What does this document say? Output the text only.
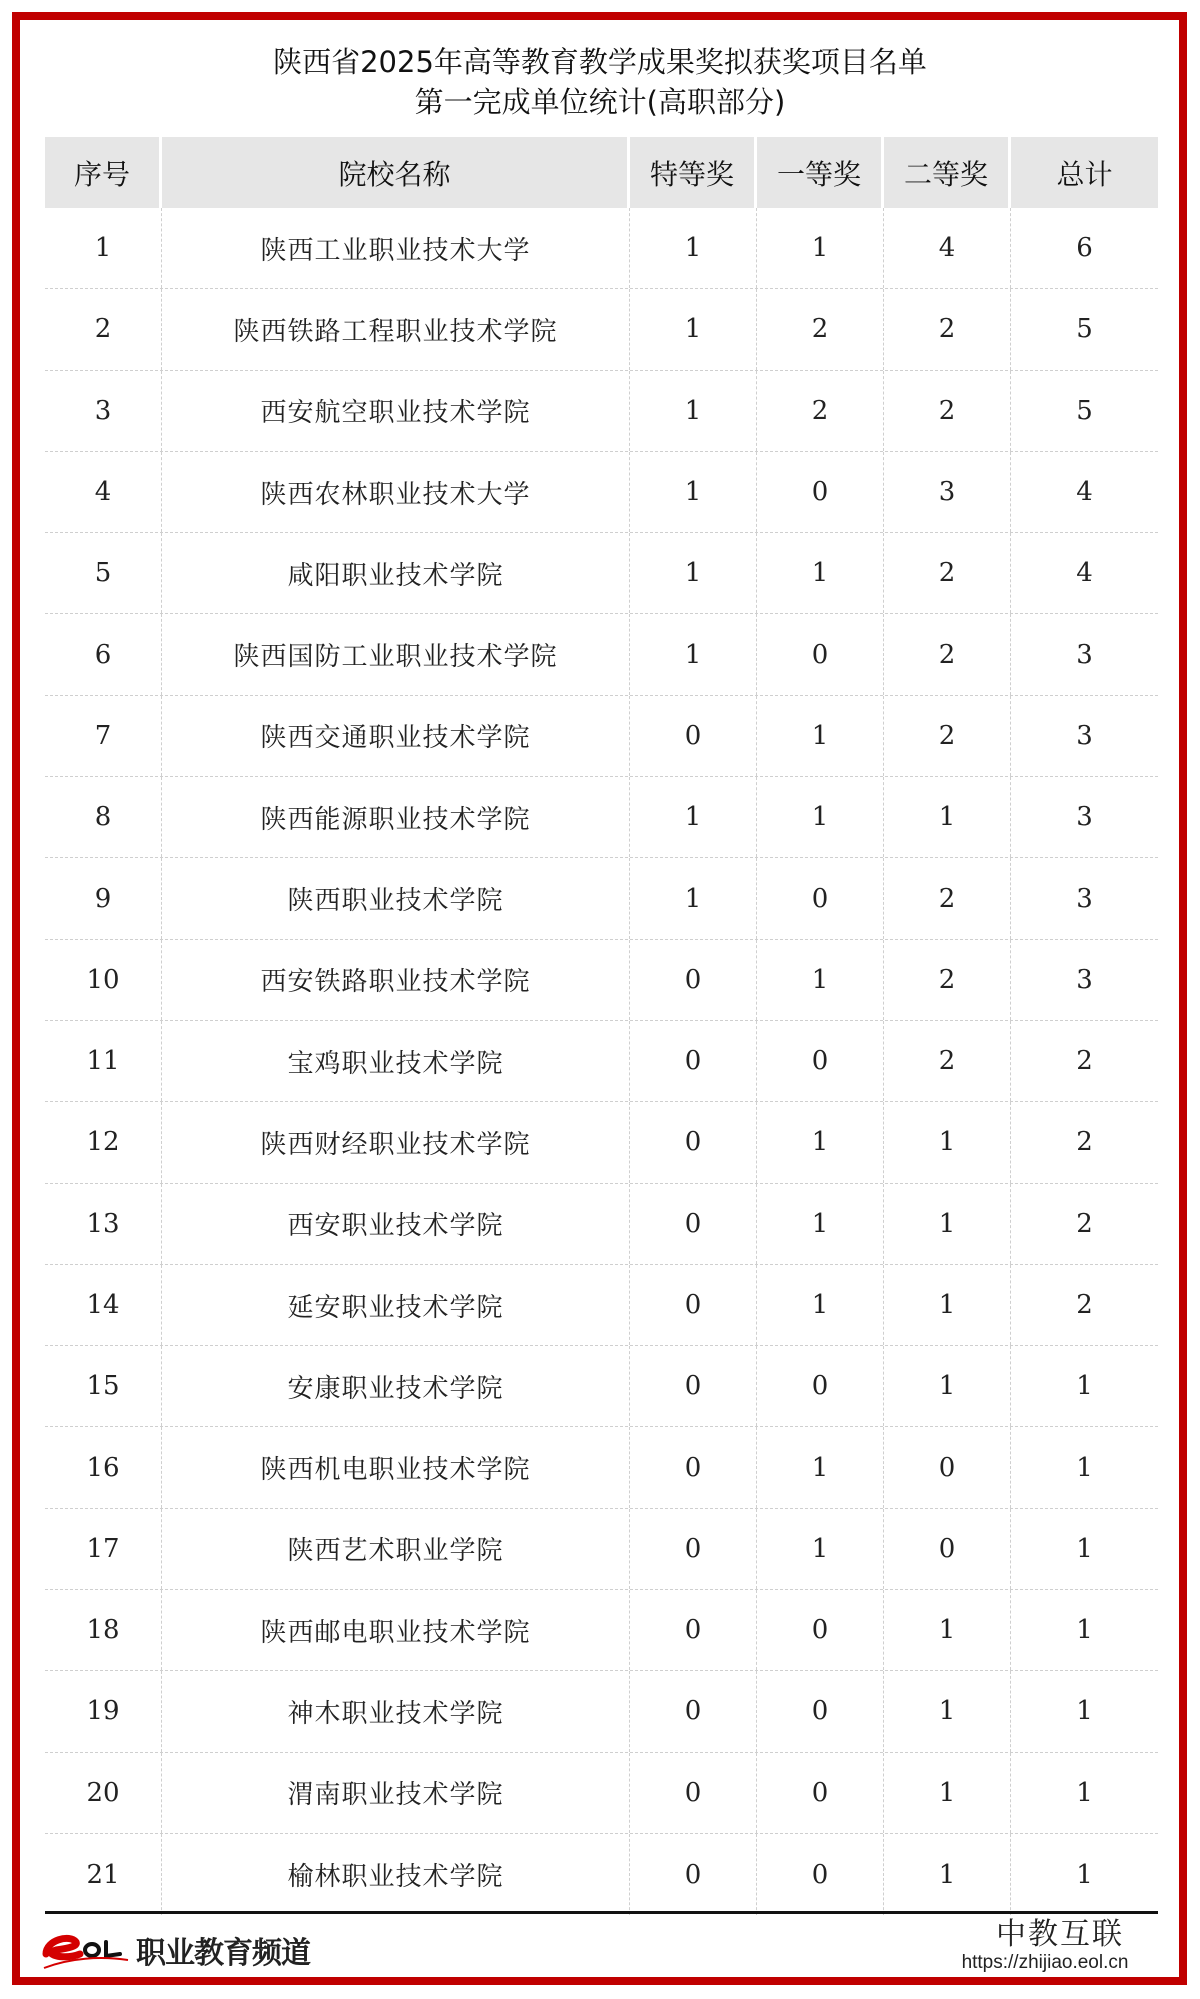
陕西省2025年高等教育教学成果奖拟获奖项目名单
第一完成单位统计(高职部分)
序号	院校名称	特等奖	一等奖	二等奖	总计
1	陕西工业职业技术大学	1	1	4	6
2	陕西铁路工程职业技术学院	1	2	2	5
3	西安航空职业技术学院	1	2	2	5
4	陕西农林职业技术大学	1	0	3	4
5	咸阳职业技术学院	1	1	2	4
6	陕西国防工业职业技术学院	1	0	2	3
7	陕西交通职业技术学院	0	1	2	3
8	陕西能源职业技术学院	1	1	1	3
9	陕西职业技术学院	1	0	2	3
10	西安铁路职业技术学院	0	1	2	3
11	宝鸡职业技术学院	0	0	2	2
12	陕西财经职业技术学院	0	1	1	2
13	西安职业技术学院	0	1	1	2
14	延安职业技术学院	0	1	1	2
15	安康职业技术学院	0	0	1	1
16	陕西机电职业技术学院	0	1	0	1
17	陕西艺术职业学院	0	1	0	1
18	陕西邮电职业技术学院	0	0	1	1
19	神木职业技术学院	0	0	1	1
20	渭南职业技术学院	0	0	1	1
21	榆林职业技术学院	0	0	1	1
职业教育频道
中教互联
https://zhijiao.eol.cn
